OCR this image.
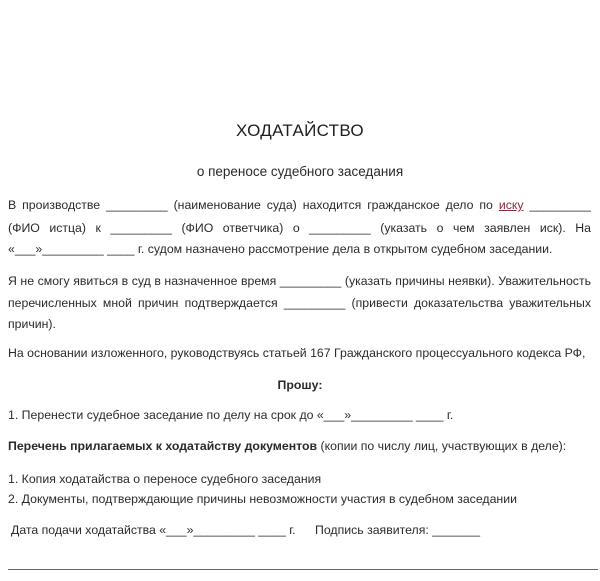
ХОДАТАЙСТВО
о переносе судебного заседания
В производстве _________ (наименование суда) находится гражданское дело по иску _________
(ФИО истца) к _________ (ФИО ответчика) о _________ (указать о чем заявлен иск). На
«___»_________ ____ г. судом назначено рассмотрение дела в открытом судебном заседании.
Я не смогу явиться в суд в назначенное время _________ (указать причины неявки). Уважительность
перечисленных мной причин подтверждается _________ (привести доказательства уважительных
причин).
На основании изложенного, руководствуясь статьей 167 Гражданского процессуального кодекса РФ,
Прошу:
1. Перенести судебное заседание по делу на срок до «___»_________ ____ г.
Перечень прилагаемых к ходатайству документов (копии по числу лиц, участвующих в деле):
1. Копия ходатайства о переносе судебного заседания
2. Документы, подтверждающие причины невозможности участия в судебном заседании
Дата подачи ходатайства «___»_________ ____ г. Подпись заявителя: _______
